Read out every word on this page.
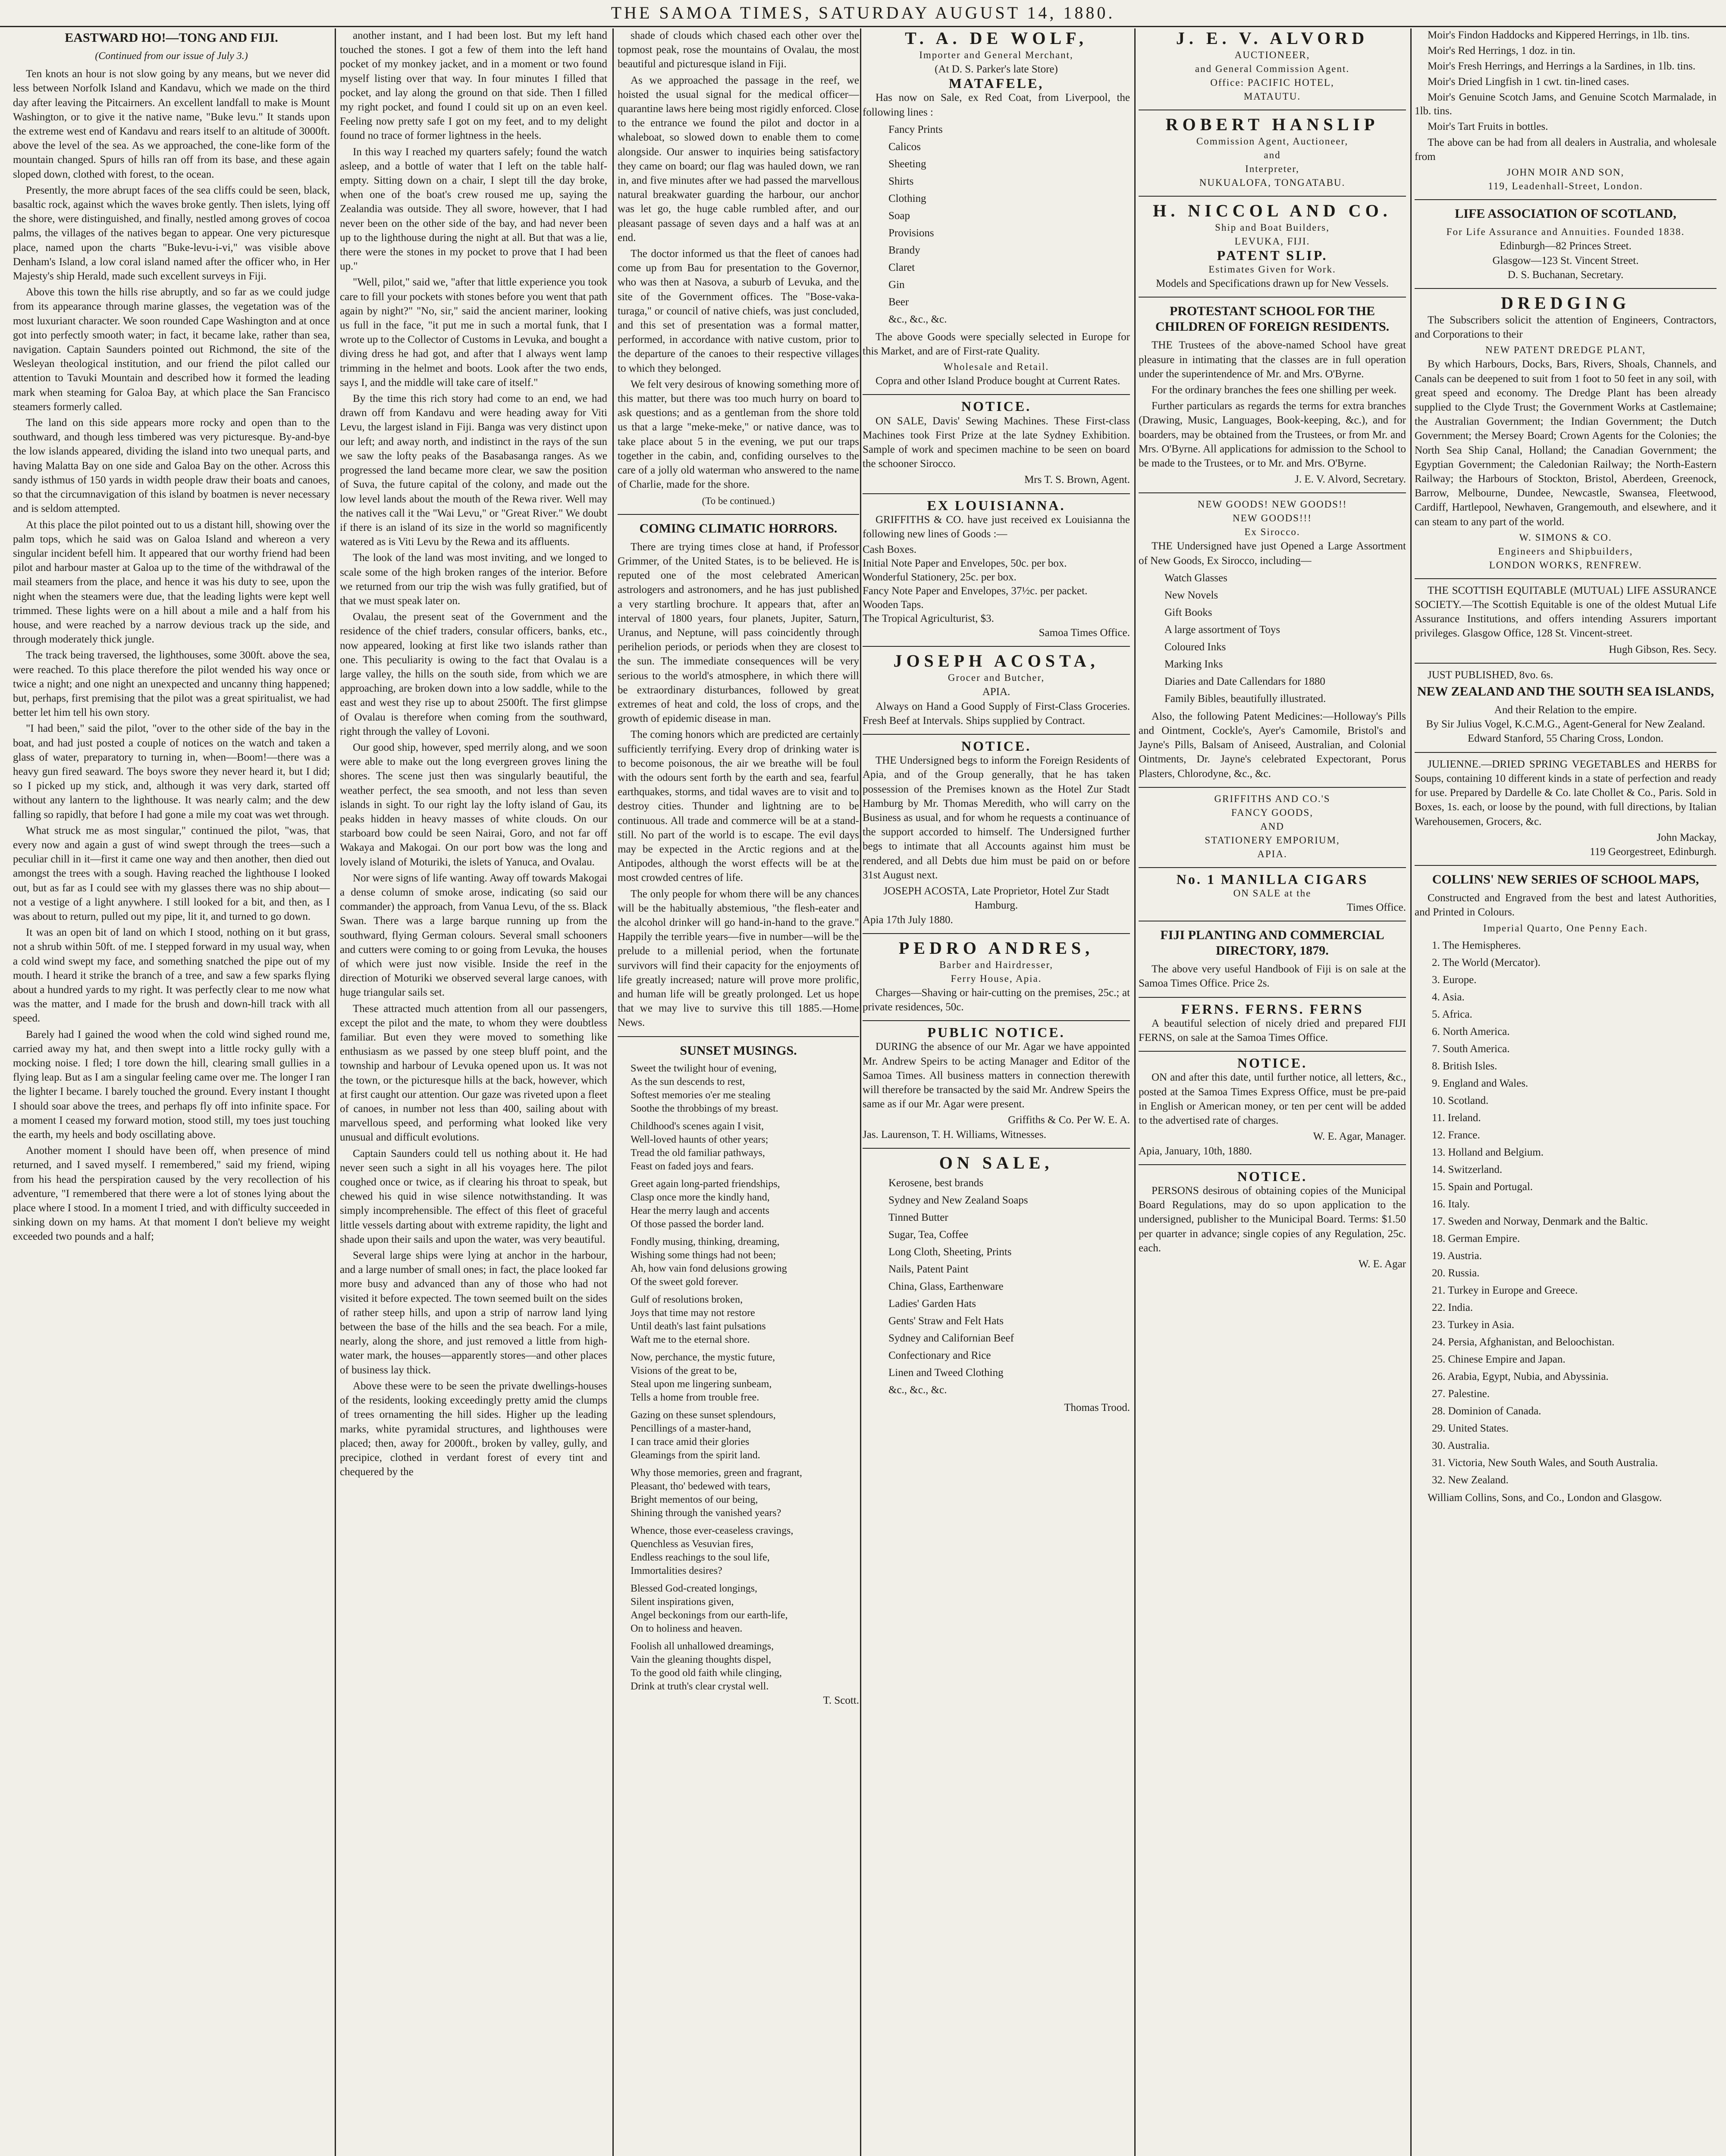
THE SAMOA TIMES, SATURDAY AUGUST 14, 1880.
EASTWARD HO!—TONG AND FIJI.
(Continued from our issue of July 3.)
Ten knots an hour is not slow going by any means, but we never did less between Norfolk Island and Kandavu, which we made on the third day after leaving the Pitcairners. An excellent landfall to make is Mount Washington, or to give it the native name, "Buke levu." It stands upon the extreme west end of Kandavu and rears itself to an altitude of 3000ft. above the level of the sea. As we approached, the cone-like form of the mountain changed. Spurs of hills ran off from its base, and these again sloped down, clothed with forest, to the ocean.
Presently, the more abrupt faces of the sea cliffs could be seen, black, basaltic rock, against which the waves broke gently. Then islets, lying off the shore, were distinguished, and finally, nestled among groves of cocoa palms, the villages of the natives began to appear. One very picturesque place, named upon the charts "Buke-levu-i-vi," was visible above Denham's Island, a low coral island named after the officer who, in Her Majesty's ship Herald, made such excellent surveys in Fiji.
Above this town the hills rise abruptly, and so far as we could judge from its appearance through marine glasses, the vegetation was of the most luxuriant character. We soon rounded Cape Washington and at once got into perfectly smooth water; in fact, it became lake, rather than sea, navigation. Captain Saunders pointed out Richmond, the site of the Wesleyan theological institution, and our friend the pilot called our attention to Tavuki Mountain and described how it formed the leading mark when steaming for Galoa Bay, at which place the San Francisco steamers formerly called.
The land on this side appears more rocky and open than to the southward, and though less timbered was very picturesque. By-and-bye the low islands appeared, dividing the island into two unequal parts, and having Malatta Bay on one side and Galoa Bay on the other. Across this sandy isthmus of 150 yards in width people draw their boats and canoes, so that the circumnavigation of this island by boatmen is never necessary and is seldom attempted.
At this place the pilot pointed out to us a distant hill, showing over the palm tops, which he said was on Galoa Island and whereon a very singular incident befell him. It appeared that our worthy friend had been pilot and harbour master at Galoa up to the time of the withdrawal of the mail steamers from the place, and hence it was his duty to see, upon the night when the steamers were due, that the leading lights were kept well trimmed. These lights were on a hill about a mile and a half from his house, and were reached by a narrow devious track up the side, and through moderately thick jungle.
The track being traversed, the lighthouses, some 300ft. above the sea, were reached. To this place therefore the pilot wended his way once or twice a night; and one night an unexpected and uncanny thing happened; but, perhaps, first premising that the pilot was a great spiritualist, we had better let him tell his own story.
"I had been," said the pilot, "over to the other side of the bay in the boat, and had just posted a couple of notices on the watch and taken a glass of water, preparatory to turning in, when—Boom!—there was a heavy gun fired seaward. The boys swore they never heard it, but I did; so I picked up my stick, and, although it was very dark, started off without any lantern to the lighthouse. It was nearly calm; and the dew falling so rapidly, that before I had gone a mile my coat was wet through.
What struck me as most singular," continued the pilot, "was, that every now and again a gust of wind swept through the trees—such a peculiar chill in it—first it came one way and then another, then died out amongst the trees with a sough. Having reached the lighthouse I looked out, but as far as I could see with my glasses there was no ship about—not a vestige of a light anywhere. I still looked for a bit, and then, as I was about to return, pulled out my pipe, lit it, and turned to go down.
It was an open bit of land on which I stood, nothing on it but grass, not a shrub within 50ft. of me. I stepped forward in my usual way, when a cold wind swept my face, and something snatched the pipe out of my mouth. I heard it strike the branch of a tree, and saw a few sparks flying about a hundred yards to my right. It was perfectly clear to me now what was the matter, and I made for the brush and down-hill track with all speed.
Barely had I gained the wood when the cold wind sighed round me, carried away my hat, and then swept into a little rocky gully with a mocking noise. I fled; I tore down the hill, clearing small gullies in a flying leap. But as I am a singular feeling came over me. The longer I ran the lighter I became. I barely touched the ground. Every instant I thought I should soar above the trees, and perhaps fly off into infinite space. For a moment I ceased my forward motion, stood still, my toes just touching the earth, my heels and body oscillating above.
Another moment I should have been off, when presence of mind returned, and I saved myself. I remembered," said my friend, wiping from his head the perspiration caused by the very recollection of his adventure, "I remembered that there were a lot of stones lying about the place where I stood. In a moment I tried, and with difficulty succeeded in sinking down on my hams. At that moment I don't believe my weight exceeded two pounds and a half;
another instant, and I had been lost. But my left hand touched the stones. I got a few of them into the left hand pocket of my monkey jacket, and in a moment or two found myself listing over that way. In four minutes I filled that pocket, and lay along the ground on that side. Then I filled my right pocket, and found I could sit up on an even keel. Feeling now pretty safe I got on my feet, and to my delight found no trace of former lightness in the heels.
In this way I reached my quarters safely; found the watch asleep, and a bottle of water that I left on the table half-empty. Sitting down on a chair, I slept till the day broke, when one of the boat's crew roused me up, saying the Zealandia was outside. They all swore, however, that I had never been on the other side of the bay, and had never been up to the lighthouse during the night at all. But that was a lie, there were the stones in my pocket to prove that I had been up."
"Well, pilot," said we, "after that little experience you took care to fill your pockets with stones before you went that path again by night?" "No, sir," said the ancient mariner, looking us full in the face, "it put me in such a mortal funk, that I wrote up to the Collector of Customs in Levuka, and bought a diving dress he had got, and after that I always went lamp trimming in the helmet and boots. Look after the two ends, says I, and the middle will take care of itself."
By the time this rich story had come to an end, we had drawn off from Kandavu and were heading away for Viti Levu, the largest island in Fiji. Banga was very distinct upon our left; and away north, and indistinct in the rays of the sun we saw the lofty peaks of the Basabasanga ranges. As we progressed the land became more clear, we saw the position of Suva, the future capital of the colony, and made out the low level lands about the mouth of the Rewa river. Well may the natives call it the "Wai Levu," or "Great River." We doubt if there is an island of its size in the world so magnificently watered as is Viti Levu by the Rewa and its affluents.
The look of the land was most inviting, and we longed to scale some of the high broken ranges of the interior. Before we returned from our trip the wish was fully gratified, but of that we must speak later on.
Ovalau, the present seat of the Government and the residence of the chief traders, consular officers, banks, etc., now appeared, looking at first like two islands rather than one. This peculiarity is owing to the fact that Ovalau is a large valley, the hills on the south side, from which we are approaching, are broken down into a low saddle, while to the east and west they rise up to about 2500ft. The first glimpse of Ovalau is therefore when coming from the southward, right through the valley of Lovoni.
Our good ship, however, sped merrily along, and we soon were able to make out the long evergreen groves lining the shores. The scene just then was singularly beautiful, the weather perfect, the sea smooth, and not less than seven islands in sight. To our right lay the lofty island of Gau, its peaks hidden in heavy masses of white clouds. On our starboard bow could be seen Nairai, Goro, and not far off Wakaya and Makogai. On our port bow was the long and lovely island of Moturiki, the islets of Yanuca, and Ovalau.
Nor were signs of life wanting. Away off towards Makogai a dense column of smoke arose, indicating (so said our commander) the approach, from Vanua Levu, of the ss. Black Swan. There was a large barque running up from the southward, flying German colours. Several small schooners and cutters were coming to or going from Levuka, the houses of which were just now visible. Inside the reef in the direction of Moturiki we observed several large canoes, with huge triangular sails set.
These attracted much attention from all our passengers, except the pilot and the mate, to whom they were doubtless familiar. But even they were moved to something like enthusiasm as we passed by one steep bluff point, and the township and harbour of Levuka opened upon us. It was not the town, or the picturesque hills at the back, however, which at first caught our attention. Our gaze was riveted upon a fleet of canoes, in number not less than 400, sailing about with marvellous speed, and performing what looked like very unusual and difficult evolutions.
Captain Saunders could tell us nothing about it. He had never seen such a sight in all his voyages here. The pilot coughed once or twice, as if clearing his throat to speak, but chewed his quid in wise silence notwithstanding. It was simply incomprehensible. The effect of this fleet of graceful little vessels darting about with extreme rapidity, the light and shade upon their sails and upon the water, was very beautiful.
Several large ships were lying at anchor in the harbour, and a large number of small ones; in fact, the place looked far more busy and advanced than any of those who had not visited it before expected. The town seemed built on the sides of rather steep hills, and upon a strip of narrow land lying between the base of the hills and the sea beach. For a mile, nearly, along the shore, and just removed a little from high-water mark, the houses—apparently stores—and other places of business lay thick.
Above these were to be seen the private dwellings-houses of the residents, looking exceedingly pretty amid the clumps of trees ornamenting the hill sides. Higher up the leading marks, white pyramidal structures, and lighthouses were placed; then, away for 2000ft., broken by valley, gully, and precipice, clothed in verdant forest of every tint and chequered by the
shade of clouds which chased each other over the topmost peak, rose the mountains of Ovalau, the most beautiful and picturesque island in Fiji.
As we approached the passage in the reef, we hoisted the usual signal for the medical officer—quarantine laws here being most rigidly enforced. Close to the entrance we found the pilot and doctor in a whaleboat, so slowed down to enable them to come alongside. Our answer to inquiries being satisfactory they came on board; our flag was hauled down, we ran in, and five minutes after we had passed the marvellous natural breakwater guarding the harbour, our anchor was let go, the huge cable rumbled after, and our pleasant passage of seven days and a half was at an end.
The doctor informed us that the fleet of canoes had come up from Bau for presentation to the Governor, who was then at Nasova, a suburb of Levuka, and the site of the Government offices. The "Bose-vaka-turaga," or council of native chiefs, was just concluded, and this set of presentation was a formal matter, performed, in accordance with native custom, prior to the departure of the canoes to their respective villages to which they belonged.
We felt very desirous of knowing something more of this matter, but there was too much hurry on board to ask questions; and as a gentleman from the shore told us that a large "meke-meke," or native dance, was to take place about 5 in the evening, we put our traps together in the cabin, and, confiding ourselves to the care of a jolly old waterman who answered to the name of Charlie, made for the shore.
(To be continued.)
COMING CLIMATIC HORRORS.
There are trying times close at hand, if Professor Grimmer, of the United States, is to be believed. He is reputed one of the most celebrated American astrologers and astronomers, and he has just published a very startling brochure. It appears that, after an interval of 1800 years, four planets, Jupiter, Saturn, Uranus, and Neptune, will pass coincidently through perihelion periods, or periods when they are closest to the sun. The immediate consequences will be very serious to the world's atmosphere, in which there will be extraordinary disturbances, followed by great extremes of heat and cold, the loss of crops, and the growth of epidemic disease in man.
The coming honors which are predicted are certainly sufficiently terrifying. Every drop of drinking water is to become poisonous, the air we breathe will be foul with the odours sent forth by the earth and sea, fearful earthquakes, storms, and tidal waves are to visit and to destroy cities. Thunder and lightning are to be continuous. All trade and commerce will be at a stand-still. No part of the world is to escape. The evil days may be expected in the Arctic regions and at the Antipodes, although the worst effects will be at the most crowded centres of life.
The only people for whom there will be any chances will be the habitually abstemious, "the flesh-eater and the alcohol drinker will go hand-in-hand to the grave." Happily the terrible years—five in number—will be the prelude to a millenial period, when the fortunate survivors will find their capacity for the enjoyments of life greatly increased; nature will prove more prolific, and human life will be greatly prolonged. Let us hope that we may live to survive this till 1885.—Home News.
SUNSET MUSINGS.
Sweet the twilight hour of evening,
As the sun descends to rest,
Softest memories o'er me stealing
Soothe the throbbings of my breast.
Childhood's scenes again I visit,
Well-loved haunts of other years;
Tread the old familiar pathways,
Feast on faded joys and fears.
Greet again long-parted friendships,
Clasp once more the kindly hand,
Hear the merry laugh and accents
Of those passed the border land.
Fondly musing, thinking, dreaming,
Wishing some things had not been;
Ah, how vain fond delusions growing
Of the sweet gold forever.
Gulf of resolutions broken,
Joys that time may not restore
Until death's last faint pulsations
Waft me to the eternal shore.
Now, perchance, the mystic future,
Visions of the great to be,
Steal upon me lingering sunbeam,
Tells a home from trouble free.
Gazing on these sunset splendours,
Pencillings of a master-hand,
I can trace amid their glories
Gleamings from the spirit land.
Why those memories, green and fragrant,
Pleasant, tho' bedewed with tears,
Bright mementos of our being,
Shining through the vanished years?
Whence, those ever-ceaseless cravings,
Quenchless as Vesuvian fires,
Endless reachings to the soul life,
Immortalities desires?
Blessed God-created longings,
Silent inspirations given,
Angel beckonings from our earth-life,
On to holiness and heaven.
Foolish all unhallowed dreamings,
Vain the gleaning thoughts dispel,
To the good old faith while clinging,
Drink at truth's clear crystal well.
T. Scott.
T. A. DE WOLF,
Importer and General Merchant,
(At D. S. Parker's late Store)
MATAFELE,
Has now on Sale, ex Red Coat, from Liverpool, the following lines :
Fancy Prints
Calicos
Sheeting
Shirts
Clothing
Soap
Provisions
Brandy
Claret
Gin
Beer
&c., &c., &c.
The above Goods were specially selected in Europe for this Market, and are of First-rate Quality.
Wholesale and Retail.
Copra and other Island Produce bought at Current Rates.
NOTICE.
ON SALE, Davis' Sewing Machines. These First-class Machines took First Prize at the late Sydney Exhibition. Sample of work and specimen machine to be seen on board the schooner Sirocco.
Mrs T. S. Brown, Agent.
EX LOUISIANNA.
GRIFFITHS & CO. have just received ex Louisianna the following new lines of Goods :—
Cash Boxes.
Initial Note Paper and Envelopes, 50c. per box.
Wonderful Stationery, 25c. per box.
Fancy Note Paper and Envelopes, 37½c. per packet.
Wooden Taps.
The Tropical Agriculturist, $3.
Samoa Times Office.
JOSEPH ACOSTA,
Grocer and Butcher,
APIA.
Always on Hand a Good Supply of First-Class Groceries. Fresh Beef at Intervals. Ships supplied by Contract.
NOTICE.
THE Undersigned begs to inform the Foreign Residents of Apia, and of the Group generally, that he has taken possession of the Premises known as the Hotel Zur Stadt Hamburg by Mr. Thomas Meredith, who will carry on the Business as usual, and for whom he requests a continuance of the support accorded to himself. The Undersigned further begs to intimate that all Accounts against him must be rendered, and all Debts due him must be paid on or before 31st August next.
JOSEPH ACOSTA, Late Proprietor, Hotel Zur Stadt Hamburg.
Apia 17th July 1880.
PEDRO ANDRES,
Barber and Hairdresser,
Ferry House, Apia.
Charges—Shaving or hair-cutting on the premises, 25c.; at private residences, 50c.
PUBLIC NOTICE.
DURING the absence of our Mr. Agar we have appointed Mr. Andrew Speirs to be acting Manager and Editor of the Samoa Times. All business matters in connection therewith will therefore be transacted by the said Mr. Andrew Speirs the same as if our Mr. Agar were present.
Griffiths & Co. Per W. E. A.
Jas. Laurenson, T. H. Williams, Witnesses.
ON SALE,
Kerosene, best brands
Sydney and New Zealand Soaps
Tinned Butter
Sugar, Tea, Coffee
Long Cloth, Sheeting, Prints
Nails, Patent Paint
China, Glass, Earthenware
Ladies' Garden Hats
Gents' Straw and Felt Hats
Sydney and Californian Beef
Confectionary and Rice
Linen and Tweed Clothing
&c., &c., &c.
Thomas Trood.
J. E. V. ALVORD
AUCTIONEER,
and General Commission Agent.
Office: PACIFIC HOTEL,
MATAUTU.
ROBERT HANSLIP
Commission Agent, Auctioneer,
and
Interpreter,
NUKUALOFA, TONGATABU.
H. NICCOL AND CO.
Ship and Boat Builders,
LEVUKA, FIJI.
PATENT SLIP.
Estimates Given for Work.
Models and Specifications drawn up for New Vessels.
PROTESTANT SCHOOL FOR THE CHILDREN OF FOREIGN RESIDENTS.
THE Trustees of the above-named School have great pleasure in intimating that the classes are in full operation under the superintendence of Mr. and Mrs. O'Byrne.
For the ordinary branches the fees one shilling per week.
Further particulars as regards the terms for extra branches (Drawing, Music, Languages, Book-keeping, &c.), and for boarders, may be obtained from the Trustees, or from Mr. and Mrs. O'Byrne. All applications for admission to the School to be made to the Trustees, or to Mr. and Mrs. O'Byrne.
J. E. V. Alvord, Secretary.
NEW GOODS! NEW GOODS!!
NEW GOODS!!!
Ex Sirocco.
THE Undersigned have just Opened a Large Assortment of New Goods, Ex Sirocco, including—
Watch Glasses
New Novels
Gift Books
A large assortment of Toys
Coloured Inks
Marking Inks
Diaries and Date Callendars for 1880
Family Bibles, beautifully illustrated.
Also, the following Patent Medicines:—Holloway's Pills and Ointment, Cockle's, Ayer's Camomile, Bristol's and Jayne's Pills, Balsam of Aniseed, Australian, and Colonial Ointments, Dr. Jayne's celebrated Expectorant, Porus Plasters, Chlorodyne, &c., &c.
GRIFFITHS AND CO.'S
FANCY GOODS,
AND
STATIONERY EMPORIUM,
APIA.
No. 1 MANILLA CIGARS
ON SALE at the
Times Office.
FIJI PLANTING AND COMMERCIAL DIRECTORY, 1879.
The above very useful Handbook of Fiji is on sale at the Samoa Times Office. Price 2s.
FERNS. FERNS. FERNS
A beautiful selection of nicely dried and prepared FIJI FERNS, on sale at the Samoa Times Office.
NOTICE.
ON and after this date, until further notice, all letters, &c., posted at the Samoa Times Express Office, must be pre-paid in English or American money, or ten per cent will be added to the advertised rate of charges.
W. E. Agar, Manager.
Apia, January, 10th, 1880.
NOTICE.
PERSONS desirous of obtaining copies of the Municipal Board Regulations, may do so upon application to the undersigned, publisher to the Municipal Board. Terms: $1.50 per quarter in advance; single copies of any Regulation, 25c. each.
W. E. Agar
Moir's Findon Haddocks and Kippered Herrings, in 1lb. tins.
Moir's Red Herrings, 1 doz. in tin.
Moir's Fresh Herrings, and Herrings a la Sardines, in 1lb. tins.
Moir's Dried Lingfish in 1 cwt. tin-lined cases.
Moir's Genuine Scotch Jams, and Genuine Scotch Marmalade, in 1lb. tins.
Moir's Tart Fruits in bottles.
The above can be had from all dealers in Australia, and wholesale from
JOHN MOIR AND SON,
119, Leadenhall-Street, London.
LIFE ASSOCIATION OF SCOTLAND,
For Life Assurance and Annuities. Founded 1838.
Edinburgh—82 Princes Street.
Glasgow—123 St. Vincent Street.
D. S. Buchanan, Secretary.
DREDGING
The Subscribers solicit the attention of Engineers, Contractors, and Corporations to their
NEW PATENT DREDGE PLANT,
By which Harbours, Docks, Bars, Rivers, Shoals, Channels, and Canals can be deepened to suit from 1 foot to 50 feet in any soil, with great speed and economy. The Dredge Plant has been already supplied to the Clyde Trust; the Government Works at Castlemaine; the Australian Government; the Indian Government; the Dutch Government; the Mersey Board; Crown Agents for the Colonies; the North Sea Ship Canal, Holland; the Canadian Government; the Egyptian Government; the Caledonian Railway; the North-Eastern Railway; the Harbours of Stockton, Bristol, Aberdeen, Greenock, Barrow, Melbourne, Dundee, Newcastle, Swansea, Fleetwood, Cardiff, Hartlepool, Newhaven, Grangemouth, and elsewhere, and it can steam to any part of the world.
W. SIMONS & CO.
Engineers and Shipbuilders,
LONDON WORKS, RENFREW.
THE SCOTTISH EQUITABLE (MUTUAL) LIFE ASSURANCE SOCIETY.—The Scottish Equitable is one of the oldest Mutual Life Assurance Institutions, and offers intending Assurers important privileges. Glasgow Office, 128 St. Vincent-street.
Hugh Gibson, Res. Secy.
JUST PUBLISHED, 8vo. 6s.
NEW ZEALAND AND THE SOUTH SEA ISLANDS,
And their Relation to the empire.
By Sir Julius Vogel, K.C.M.G., Agent-General for New Zealand.
Edward Stanford, 55 Charing Cross, London.
JULIENNE.—DRIED SPRING VEGETABLES and HERBS for Soups, containing 10 different kinds in a state of perfection and ready for use. Prepared by Dardelle & Co. late Chollet & Co., Paris. Sold in Boxes, 1s. each, or loose by the pound, with full directions, by Italian Warehousemen, Grocers, &c.
John Mackay,
119 Georgestreet, Edinburgh.
COLLINS' NEW SERIES OF SCHOOL MAPS,
Constructed and Engraved from the best and latest Authorities, and Printed in Colours.
Imperial Quarto, One Penny Each.
1. The Hemispheres.
2. The World (Mercator).
3. Europe.
4. Asia.
5. Africa.
6. North America.
7. South America.
8. British Isles.
9. England and Wales.
10. Scotland.
11. Ireland.
12. France.
13. Holland and Belgium.
14. Switzerland.
15. Spain and Portugal.
16. Italy.
17. Sweden and Norway, Denmark and the Baltic.
18. German Empire.
19. Austria.
20. Russia.
21. Turkey in Europe and Greece.
22. India.
23. Turkey in Asia.
24. Persia, Afghanistan, and Beloochistan.
25. Chinese Empire and Japan.
26. Arabia, Egypt, Nubia, and Abyssinia.
27. Palestine.
28. Dominion of Canada.
29. United States.
30. Australia.
31. Victoria, New South Wales, and South Australia.
32. New Zealand.
William Collins, Sons, and Co., London and Glasgow.
